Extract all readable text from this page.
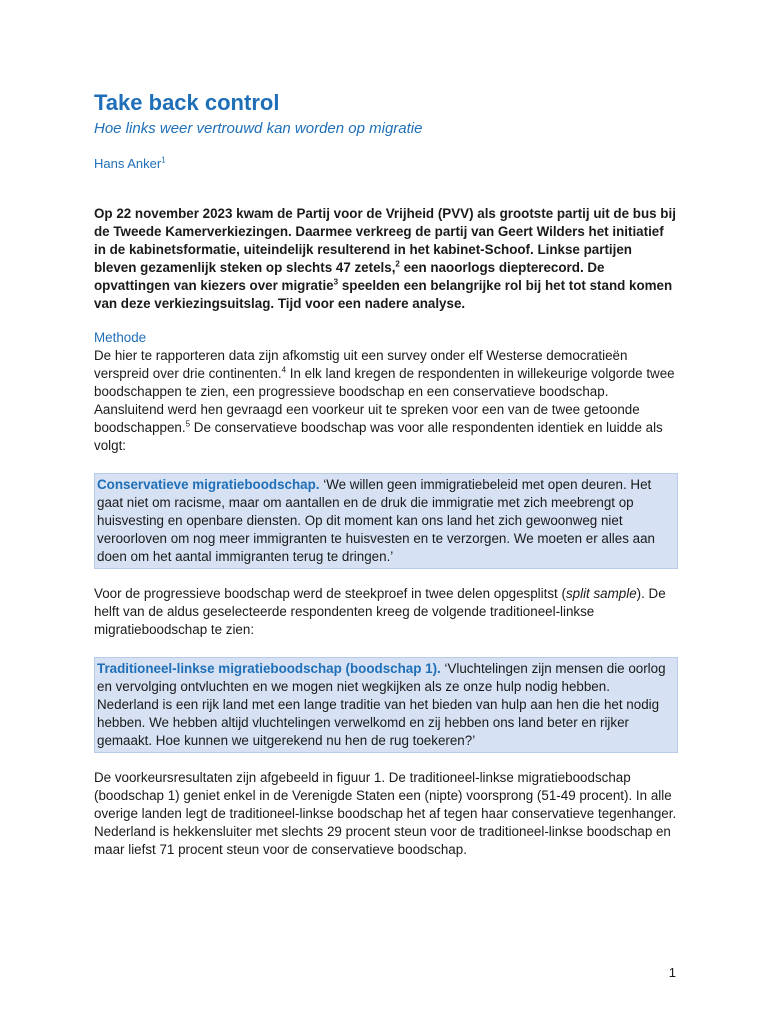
Take back control

Hoe links weer vertrouwd kan worden op migratie

Hans Anker$^1$

Op 22 november 2023 kwam de Partij voor de Vrijheid (PVV) als grootste partij uit de bus bij de Tweede Kamerverkiezingen. Daarmee verkreeg de partij van Geert Wilders het initiatief in de kabinetsformatie, uiteindelijk resulterend in het kabinet-Schoof. Linkse partijen bleven gezamenlijk steken op slechts 47 zetels,$^2$ een naoorlogs diepterecord. De opvattingen van kiezers over migratie$^3$ speelden een belangrijke rol bij het tot stand komen van deze verkiezingsuitslag. Tijd voor een nadere analyse.

Methode

De hier te rapporteren data zijn afkomstig uit een survey onder elf Westerse democratieën verspreid over drie continenten.$^4$ In elk land kregen de respondenten in willekeurige volgorde twee boodschappen te zien, een progressieve boodschap en een conservatieve boodschap. Aansluitend werd hen gevraagd een voorkeur uit te spreken voor een van de twee getoonde boodschappen.$^5$ De conservatieve boodschap was voor alle respondenten identiek en luidde als volgt:

Conservatieve migratieboodschap. ‘We willen geen immigratiebeleid met open deuren. Het gaat niet om racisme, maar om aantallen en de druk die immigratie met zich meebrengt op huisvesting en openbare diensten. Op dit moment kan ons land het zich gewoonweg niet veroorloven om nog meer immigranten te huisvesten en te verzorgen. We moeten er alles aan doen om het aantal immigranten terug te dringen.’

Voor de progressieve boodschap werd de steekproef in twee delen opgesplitst (split sample). De helft van de aldus geselecteerde respondenten kreeg de volgende traditioneel-linkse migratieboodschap te zien:

Traditioneel-linkse migratieboodschap (boodschap 1). ‘Vluchtelingen zijn mensen die oorlog en vervolging ontvluchten en we mogen niet wegkijken als ze onze hulp nodig hebben. Nederland is een rijk land met een lange traditie van het bieden van hulp aan hen die het nodig hebben. We hebben altijd vluchtelingen verwelkomd en zij hebben ons land beter en rijker gemaakt. Hoe kunnen we uitgerekend nu hen de rug toekeren?’

De voorkeursresultaten zijn afgebeeld in figuur 1. De traditioneel-linkse migratieboodschap (boodschap 1) geniet enkel in de Verenigde Staten een (nipte) voorsprong (51-49 procent). In alle overige landen legt de traditioneel-linkse boodschap het af tegen haar conservatieve tegenhanger. Nederland is hekkensluiter met slechts 29 procent steun voor de traditioneel-linkse boodschap en maar liefst 71 procent steun voor de conservatieve boodschap.

1
